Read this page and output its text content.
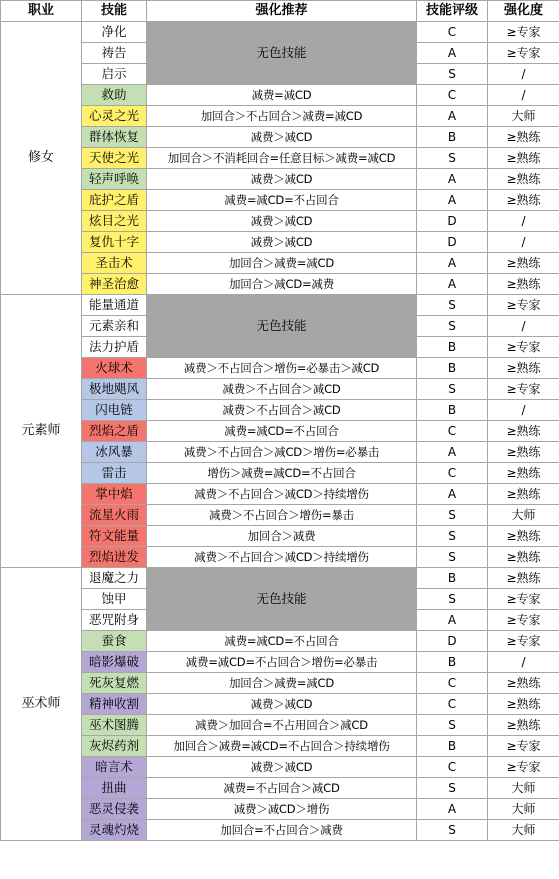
职业	技能	强化推荐	技能评级	强化度
修女	净化	无色技能	C	≥专家
	祷告		A	≥专家
	启示		S	/
	救助	减费=减CD	C	/
	心灵之光	加回合＞不占回合＞减费=减CD	A	大师
	群体恢复	减费＞减CD	B	≥熟练
	天使之光	加回合＞不消耗回合=任意目标＞减费=减CD	S	≥熟练
	轻声呼唤	减费＞减CD	A	≥熟练
	庇护之盾	减费=减CD=不占回合	A	≥熟练
	炫目之光	减费＞减CD	D	/
	复仇十字	减费＞减CD	D	/
	圣击术	加回合＞减费=减CD	A	≥熟练
	神圣治愈	加回合＞减CD=减费	A	≥熟练
元素师	能量通道	无色技能	S	≥专家
	元素亲和		S	/
	法力护盾		B	≥专家
	火球术	减费＞不占回合＞增伤=必暴击＞减CD	B	≥熟练
	极地飓风	减费＞不占回合＞减CD	S	≥专家
	闪电链	减费＞不占回合＞减CD	B	/
	烈焰之盾	减费=减CD=不占回合	C	≥熟练
	冰风暴	减费＞不占回合＞减CD＞增伤=必暴击	A	≥熟练
	雷击	增伤＞减费=减CD=不占回合	C	≥熟练
	掌中焰	减费＞不占回合＞减CD＞持续增伤	A	≥熟练
	流星火雨	减费＞不占回合＞增伤=暴击	S	大师
	符文能量	加回合＞减费	S	≥熟练
	烈焰迸发	减费＞不占回合＞减CD＞持续增伤	S	≥熟练
巫术师	退魔之力	无色技能	B	≥熟练
	蚀甲		S	≥专家
	恶咒附身		A	≥专家
	蚕食	减费=减CD=不占回合	D	≥专家
	暗影爆破	减费=减CD=不占回合＞增伤=必暴击	B	/
	死灰复燃	加回合＞减费=减CD	C	≥熟练
	精神收割	减费＞减CD	C	≥熟练
	巫术图腾	减费＞加回合=不占用回合＞减CD	S	≥熟练
	灰烬药剂	加回合＞减费=减CD=不占回合＞持续增伤	B	≥专家
	暗言术	减费＞减CD	C	≥专家
	扭曲	减费=不占回合＞减CD	S	大师
	恶灵侵袭	减费＞减CD＞增伤	A	大师
	灵魂灼烧	加回合=不占回合＞减费	S	大师
